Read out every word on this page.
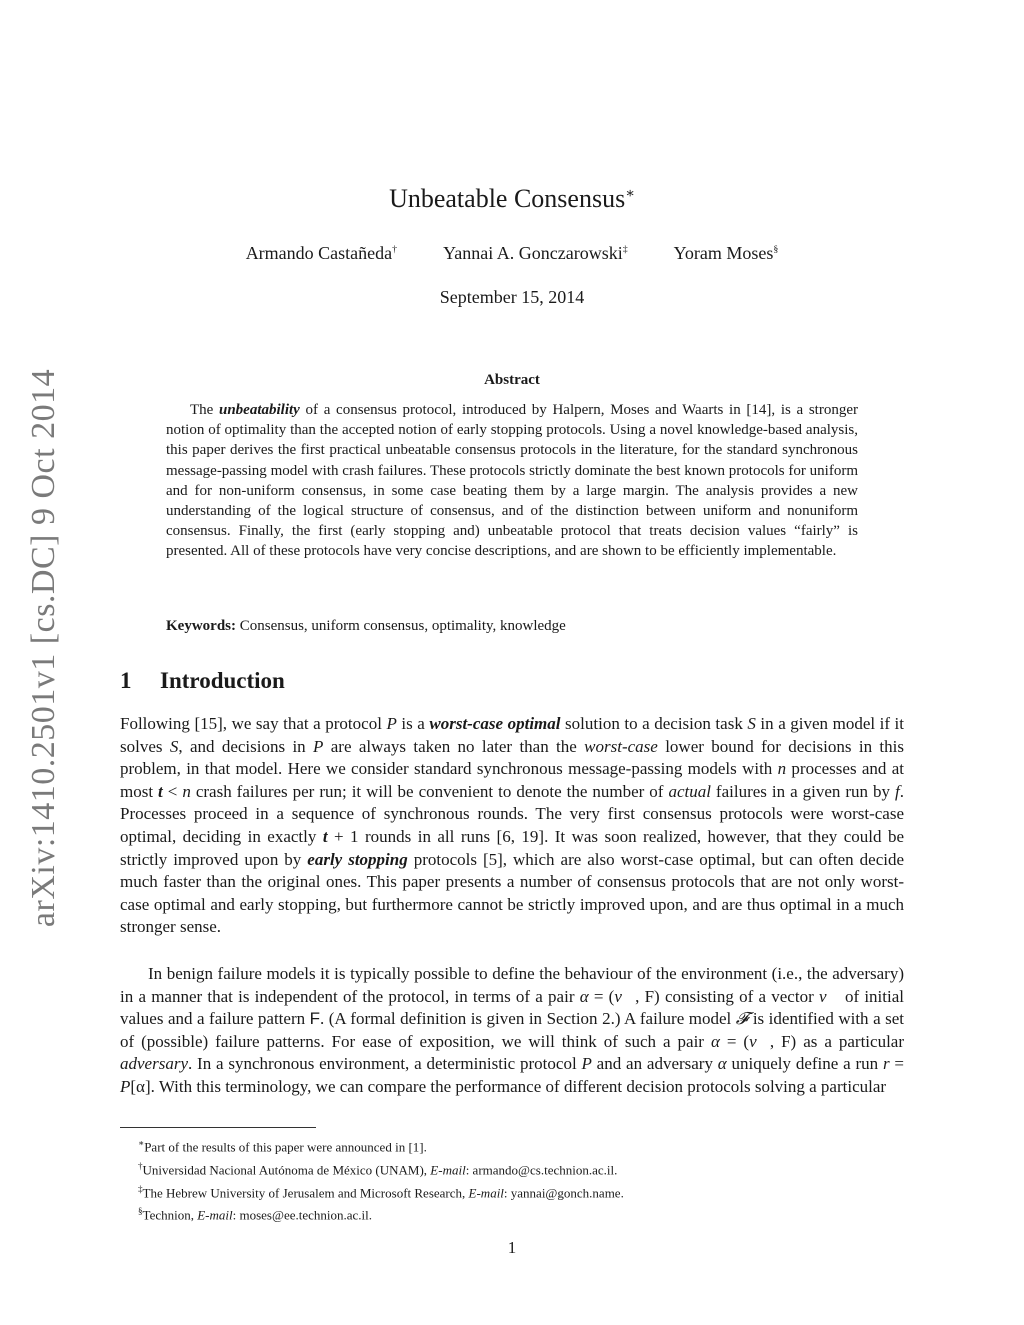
arXiv:1410.2501v1 [cs.DC] 9 Oct 2014
Unbeatable Consensus∗
Armando Castañeda†	Yannai A. Gonczarowski‡	Yoram Moses§
September 15, 2014
Abstract

The unbeatability of a consensus protocol, introduced by Halpern, Moses and Waarts in [14], is a stronger notion of optimality than the accepted notion of early stopping protocols. Using a novel knowledge-based analysis, this paper derives the first practical unbeatable consensus protocols in the literature, for the standard synchronous message-passing model with crash failures. These protocols strictly dominate the best known protocols for uniform and for non-uniform consensus, in some case beating them by a large margin. The analysis provides a new understanding of the logical structure of consensus, and of the distinction between uniform and nonuniform consensus. Finally, the first (early stopping and) unbeatable protocol that treats decision values “fairly” is presented. All of these protocols have very concise descriptions, and are shown to be efficiently implementable.

Keywords: Consensus, uniform consensus, optimality, knowledge
1 Introduction

Following [15], we say that a protocol P is a worst-case optimal solution to a decision task S in a given model if it solves S, and decisions in P are always taken no later than the worst-case lower bound for decisions in this problem, in that model. Here we consider standard synchronous message-passing models with n processes and at most t < n crash failures per run; it will be convenient to denote the number of actual failures in a given run by f. Processes proceed in a sequence of synchronous rounds. The very first consensus protocols were worst-case optimal, deciding in exactly t + 1 rounds in all runs [6, 19]. It was soon realized, however, that they could be strictly improved upon by early stopping protocols [5], which are also worst-case optimal, but can often decide much faster than the original ones. This paper presents a number of consensus protocols that are not only worst-case optimal and early stopping, but furthermore cannot be strictly improved upon, and are thus optimal in a much stronger sense.

In benign failure models it is typically possible to define the behaviour of the environment (i.e., the adversary) in a manner that is independent of the protocol, in terms of a pair α = (v⃗, F) consisting of a vector v⃗ of initial values and a failure pattern F. (A formal definition is given in Section 2.) A failure model 𝓕 is identified with a set of (possible) failure patterns. For ease of exposition, we will think of such a pair α = (v⃗, F) as a particular adversary. In a synchronous environment, a deterministic protocol P and an adversary α uniquely define a run r = P[α]. With this terminology, we can compare the performance of different decision protocols solving a particular

∗Part of the results of this paper were announced in [1].
†Universidad Nacional Autónoma de México (UNAM), E-mail: armando@cs.technion.ac.il.
‡The Hebrew University of Jerusalem and Microsoft Research, E-mail: yannai@gonch.name.
§Technion, E-mail: moses@ee.technion.ac.il.
1
